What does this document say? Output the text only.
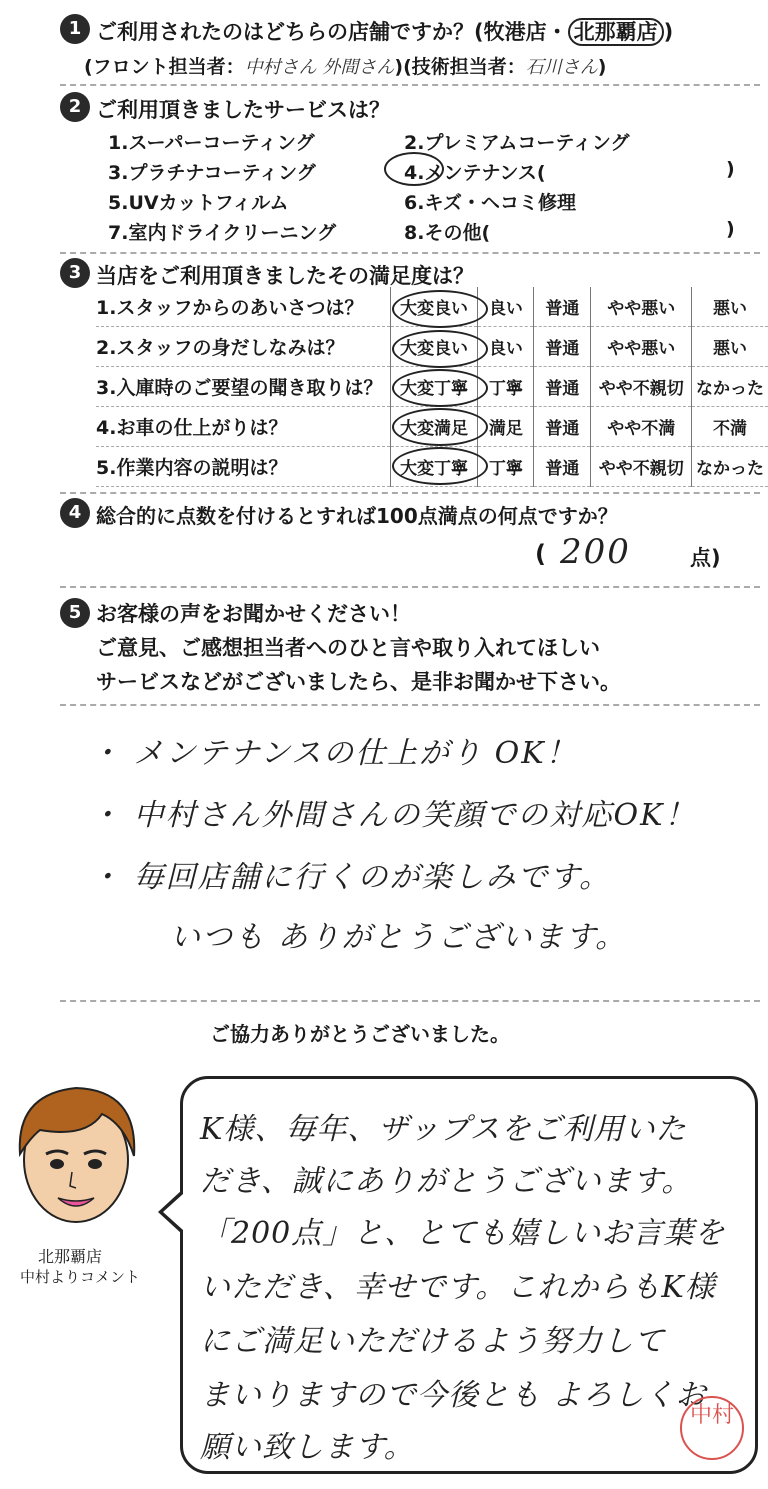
1 ご利用されたのはどちらの店舗ですか？(牧港店・ 北那覇店 )
(フロント担当者：中村さん 外間さん)(技術担当者：石川さん)
2 ご利用頂きましたサービスは？
1.スーパーコーティング	2.プレミアムコーティング
3.プラチナコーティング	4.メンテナンス(	)
5.UVカットフィルム	6.キズ・ヘコミ修理
7.室内ドライクリーニング	8.その他(	)
3 当店をご利用頂きましたその満足度は？
1.スタッフからのあいさつは？	大変良い	良い	普通	やや悪い	悪い
2.スタッフの身だしなみは？	大変良い	良い	普通	やや悪い	悪い
3.入庫時のご要望の聞き取りは？	大変丁寧	丁寧	普通	やや不親切	なかった
4.お車の仕上がりは？	大変満足	満足	普通	やや不満	不満
5.作業内容の説明は？	大変丁寧	丁寧	普通	やや不親切	なかった
4 総合的に点数を付けるとすれば100点満点の何点ですか？
( 200	点)
5 お客様の声をお聞かせください！
ご意見、ご感想担当者へのひと言や取り入れてほしい
サービスなどがございましたら、是非お聞かせ下さい。
・ メンテナンスの仕上がり OK！
・ 中村さん外間さんの笑顔での対応OK！
・ 毎回店舗に行くのが楽しみです。
いつも ありがとうございます。
ご協力ありがとうございました。
北那覇店
中村よりコメント
K様、毎年、ザップスをご利用いた
だき、誠にありがとうございます。
「200点」と、とても嬉しいお言葉を
いただき、幸せです。これからもK様
にご満足いただけるよう努力して
まいりますので今後とも よろしくお
願い致します。
中村
